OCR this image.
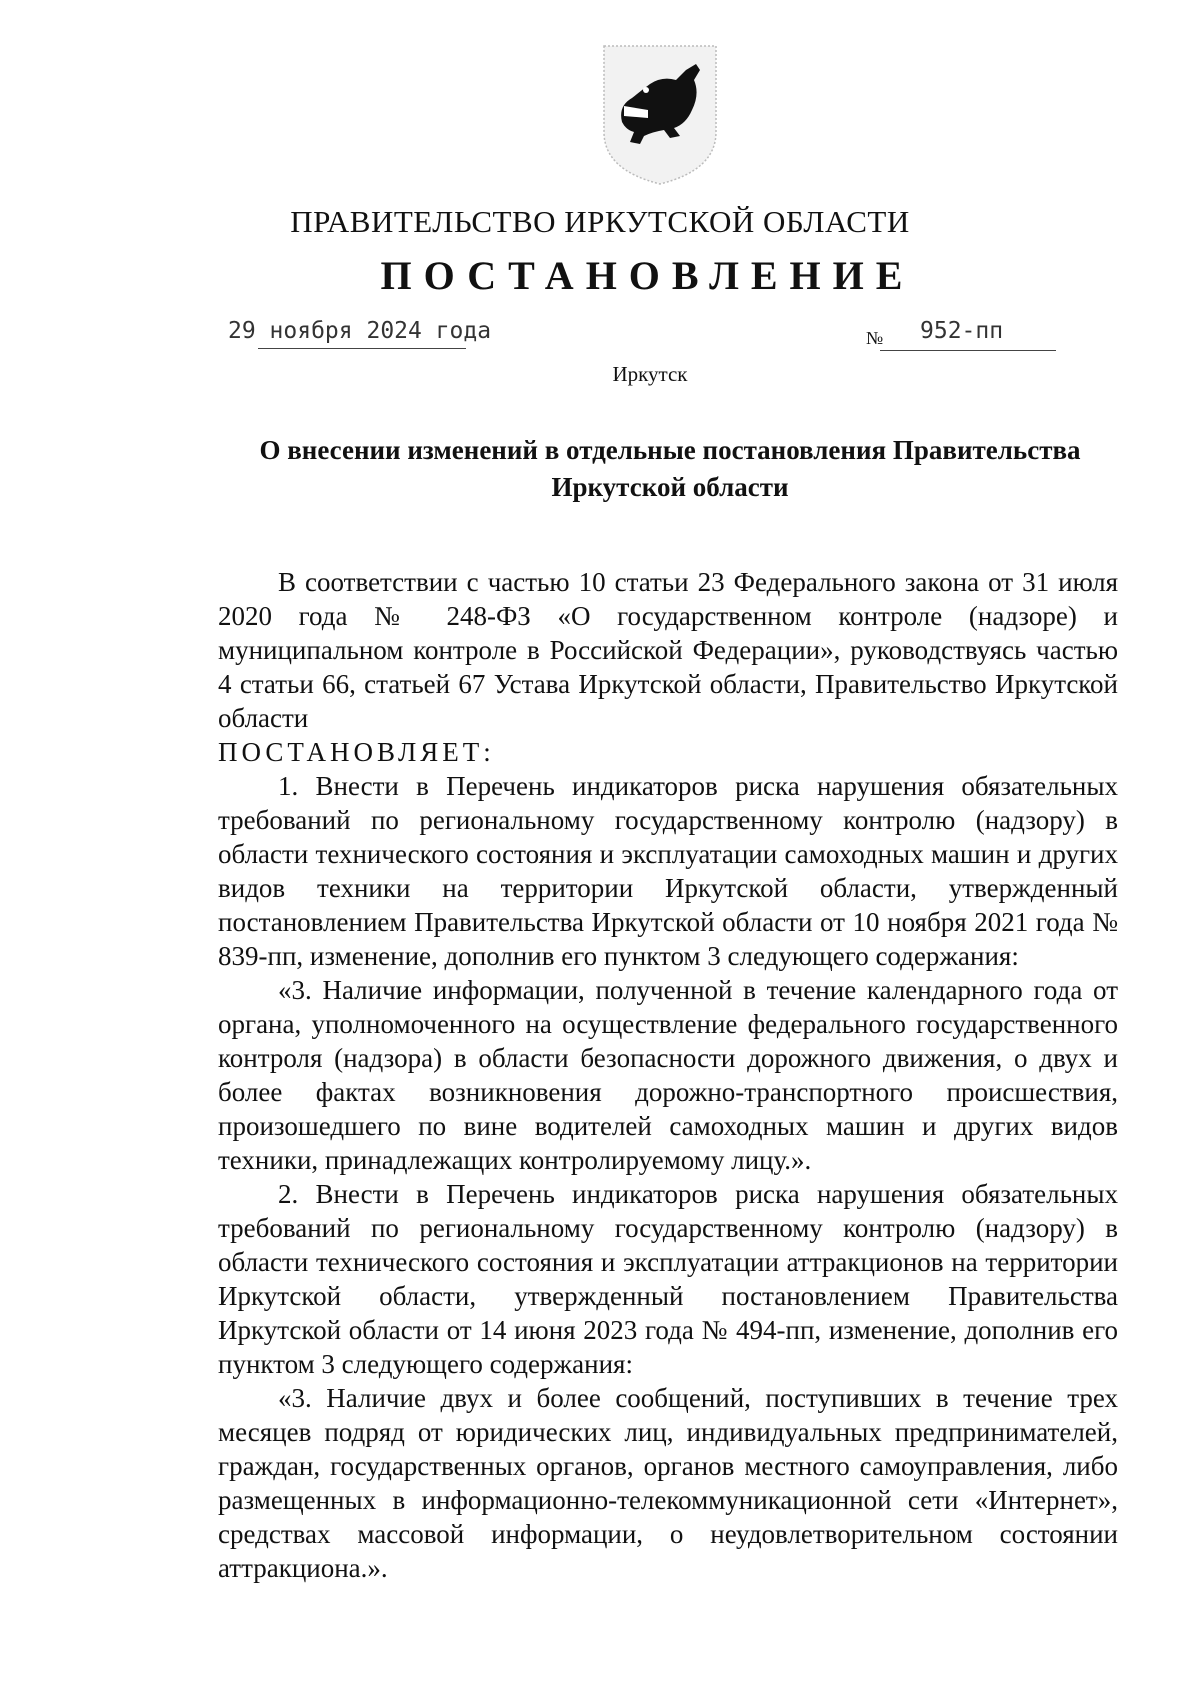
ПРАВИТЕЛЬСТВО ИРКУТСКОЙ ОБЛАСТИ
ПОСТАНОВЛЕНИЕ
29 ноября 2024 года	№ 952-пп
Иркутск
О внесении изменений в отдельные постановления Правительства Иркутской области

В соответствии с частью 10 статьи 23 Федерального закона от 31 июля 2020 года № 248-ФЗ «О государственном контроле (надзоре) и муниципальном контроле в Российской Федерации», руководствуясь частью 4 статьи 66, статьей 67 Устава Иркутской области, Правительство Иркутской области

ПОСТАНОВЛЯЕТ:

1. Внести в Перечень индикаторов риска нарушения обязательных требований по региональному государственному контролю (надзору) в области технического состояния и эксплуатации самоходных машин и других видов техники на территории Иркутской области, утвержденный постановлением Правительства Иркутской области от 10 ноября 2021 года № 839-пп, изменение, дополнив его пунктом 3 следующего содержания:

«3. Наличие информации, полученной в течение календарного года от органа, уполномоченного на осуществление федерального государственного контроля (надзора) в области безопасности дорожного движения, о двух и более фактах возникновения дорожно-транспортного происшествия, произошедшего по вине водителей самоходных машин и других видов техники, принадлежащих контролируемому лицу.».

2. Внести в Перечень индикаторов риска нарушения обязательных требований по региональному государственному контролю (надзору) в области технического состояния и эксплуатации аттракционов на территории Иркутской области, утвержденный постановлением Правительства Иркутской области от 14 июня 2023 года № 494-пп, изменение, дополнив его пунктом 3 следующего содержания:

«3. Наличие двух и более сообщений, поступивших в течение трех месяцев подряд от юридических лиц, индивидуальных предпринимателей, граждан, государственных органов, органов местного самоуправления, либо размещенных в информационно-телекоммуникационной сети «Интернет», средствах массовой информации, о неудовлетворительном состоянии аттракциона.».
